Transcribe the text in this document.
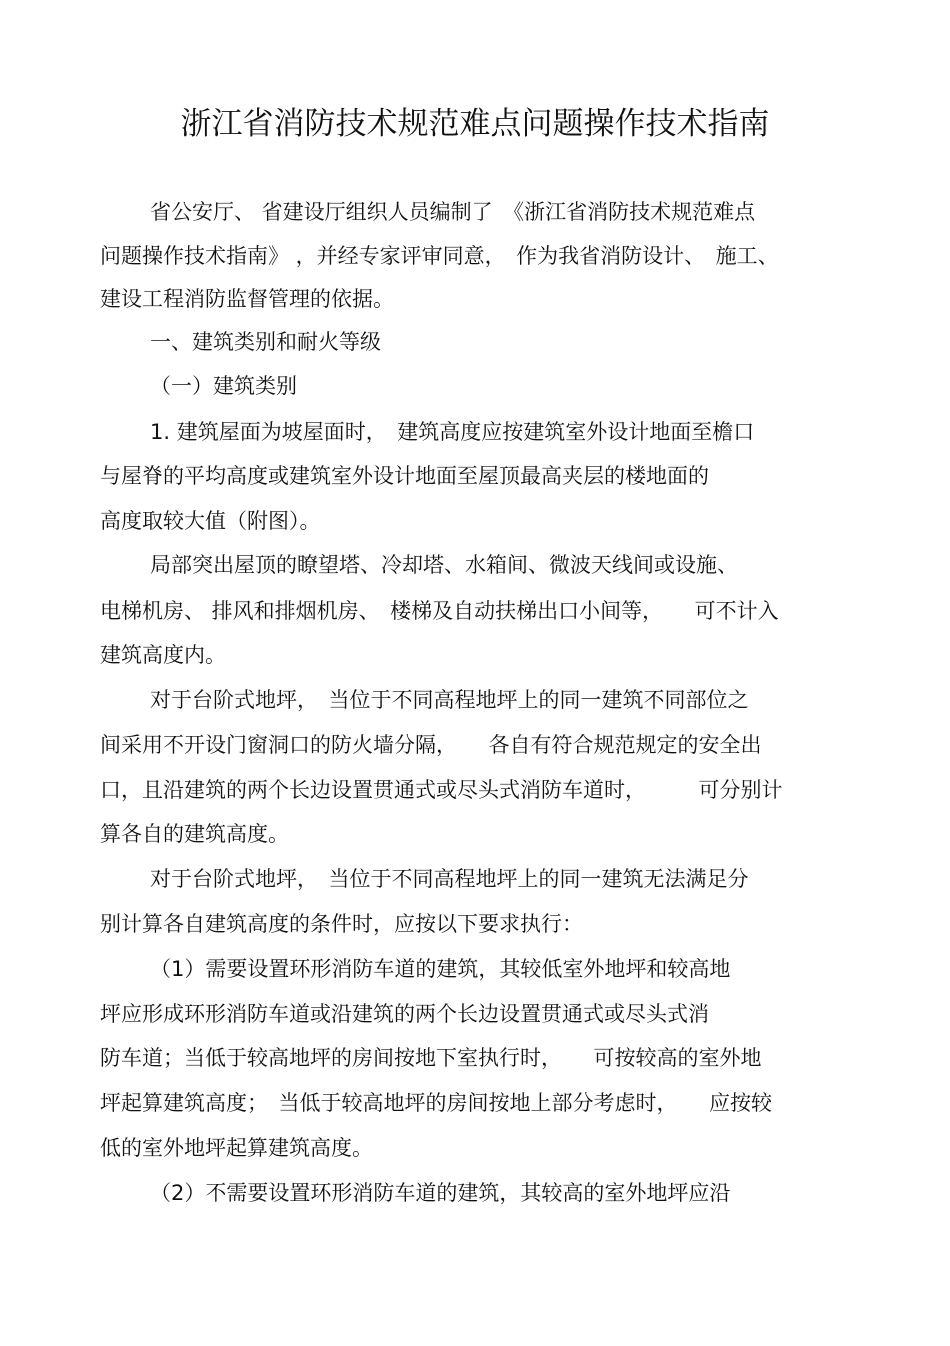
浙江省消防技术规范难点问题操作技术指南
省公安厅、 省建设厅组织人员编制了　《浙江省消防技术规范难点
问题操作技术指南》 ，并经专家评审同意，　作为我省消防设计、　施工、
建设工程消防监督管理的依据。
一、建筑类别和耐火等级
（一）建筑类别
1. 建筑屋面为坡屋面时，　建筑高度应按建筑室外设计地面至檐口
与屋脊的平均高度或建筑室外设计地面至屋顶最高夹层的楼地面的
高度取较大值（附图）。
局部突出屋顶的瞭望塔、冷却塔、水箱间、微波天线间或设施、
电梯机房、 排风和排烟机房、　楼梯及自动扶梯出口小间等，　　可不计入
建筑高度内。
对于台阶式地坪，　当位于不同高程地坪上的同一建筑不同部位之
间采用不开设门窗洞口的防火墙分隔，　　各自有符合规范规定的安全出
口，且沿建筑的两个长边设置贯通式或尽头式消防车道时，　　　可分别计
算各自的建筑高度。
对于台阶式地坪，　当位于不同高程地坪上的同一建筑无法满足分
别计算各自建筑高度的条件时，应按以下要求执行：
（1）需要设置环形消防车道的建筑，其较低室外地坪和较高地
坪应形成环形消防车道或沿建筑的两个长边设置贯通式或尽头式消
防车道；当低于较高地坪的房间按地下室执行时，　　可按较高的室外地
坪起算建筑高度；　当低于较高地坪的房间按地上部分考虑时，　　应按较
低的室外地坪起算建筑高度。
（2）不需要设置环形消防车道的建筑，其较高的室外地坪应沿
